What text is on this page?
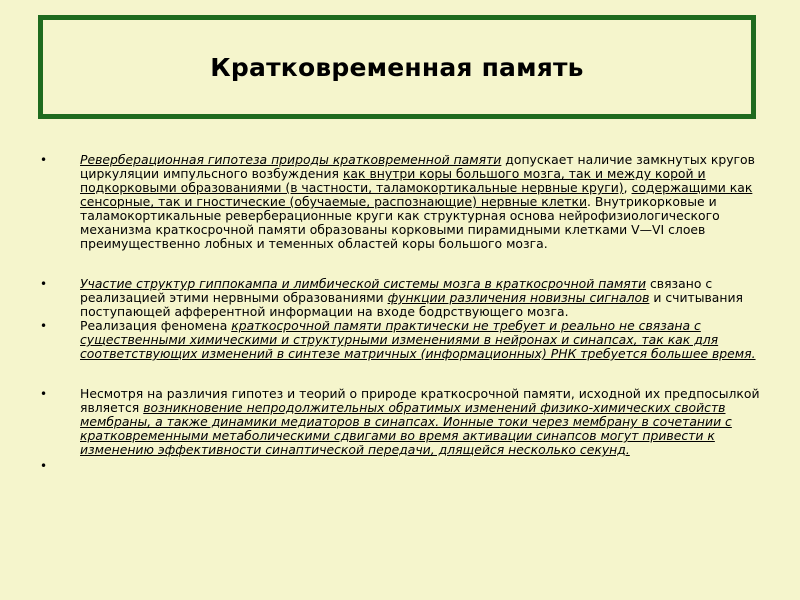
Кратковременная память

•	Реверберационная гипотеза природы кратковременной памяти допускает наличие замкнутых кругов циркуляции импульсного возбуждения как внутри коры большого мозга, так и между корой и подкорковыми образованиями (в частности, таламокортикальные нервные круги), содержащими как сенсорные, так и гностические (обучаемые, распознающие) нервные клетки. Внутрикорковые и таламокортикальные реверберационные круги как структурная основа нейрофизиологического механизма краткосрочной памяти образованы корковыми пирамидными клетками V—VI слоев преимущественно лобных и теменных областей коры большого мозга.

•	Участие структур гиппокампа и лимбической системы мозга в краткосрочной памяти связано с реализацией этими нервными образованиями функции различения новизны сигналов и считывания поступающей афферентной информации на входе бодрствующего мозга.

•	Реализация феномена краткосрочной памяти практически не требует и реально не связана с существенными химическими и структурными изменениями в нейронах и синапсах, так как для соответствующих изменений в синтезе матричных (информационных) РНК требуется большее время.

•	Несмотря на различия гипотез и теорий о природе краткосрочной памяти, исходной их предпосылкой является возникновение непродолжительных обратимых изменений физико-химических свойств мембраны, а также динамики медиаторов в синапсах. Ионные токи через мембрану в сочетании с кратковременными метаболическими сдвигами во время активации синапсов могут привести к изменению эффективности синаптической передачи, длящейся несколько секунд.

•
